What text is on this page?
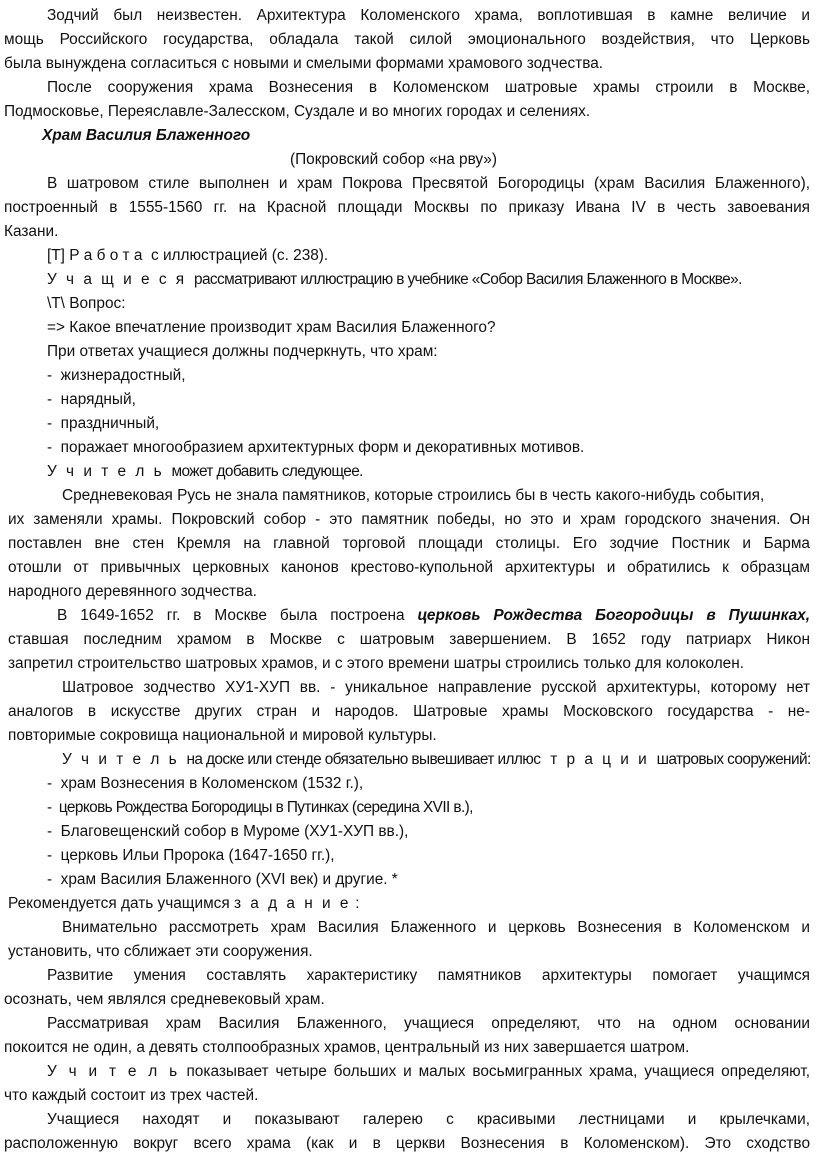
Зодчий был неизвестен. Архитектура Коломенского храма, воплотившая в камне величие и
мощь Российского государства, обладала такой силой эмоционального воздействия, что Церковь
была вынуждена согласиться с новыми и смелыми формами храмового зодчества.
После сооружения храма Вознесения в Коломенском шатровые храмы строили в Москве,
Подмосковье, Переяславле-Залесском, Суздале и во многих городах и селениях.
Храм Василия Блаженного
(Покровский собор «на рву»)
В шатровом стиле выполнен и храм Покрова Пресвятой Богородицы (храм Василия Блаженного),
построенный в 1555-1560 гг. на Красной площади Москвы по приказу Ивана IV в честь завоевания
Казани.
[Т] Р а б о т а  с иллюстрацией (с. 238).
У ч а щ и е с я  рассматривают иллюстрацию в учебнике «Собор Василия Блаженного в Москве».
\Т\ Вопрос:
=> Какое впечатление производит храм Василия Блаженного?
При ответах учащиеся должны подчеркнуть, что храм:
-  жизнерадостный,
-  нарядный,
-  праздничный,
-  поражает многообразием архитектурных форм и декоративных мотивов.
У ч и т е л ь  может добавить следующее.
Средневековая Русь не знала памятников, которые строились бы в честь какого-нибудь события,
их заменяли храмы. Покровский собор - это памятник победы, но это и храм городского значения. Он
поставлен вне стен Кремля на главной торговой площади столицы. Его зодчие Постник и Барма
отошли от привычных церковных канонов крестово-купольной архитектуры и обратились к образцам
народного деревянного зодчества.
В 1649-1652 гг. в Москве была построена церковь Рождества Богородицы в Пушинках,
ставшая последним храмом в Москве с шатровым завершением. В 1652 году патриарх Никон
запретил строительство шатровых храмов, и с этого времени шатры строились только для колоколен.
Шатровое зодчество ХУ1-ХУП вв. - уникальное направление русской архитектуры, которому нет
аналогов в искусстве других стран и народов. Шатровые храмы Московского государства - не-
повторимые сокровища национальной и мировой культуры.
У ч и т е л ь  на доске или стенде обязательно вывешивает иллюс т р а ц и и  шатровых сооружений:
-  храм Вознесения в Коломенском (1532 г.),
-  церковь Рождества Богородицы в Путинках (середина XVII в.),
-  Благовещенский собор в Муроме (ХУ1-ХУП вв.),
-  церковь Ильи Пророка (1647-1650 гг.),
-  храм Василия Блаженного (XVI век) и другие. *
Рекомендуется дать учащимся з а д а н и е :
Внимательно рассмотреть храм Василия Блаженного и церковь Вознесения в Коломенском и
установить, что сближает эти сооружения.
Развитие умения составлять характеристику памятников архитектуры помогает учащимся
осознать, чем являлся средневековый храм.
Рассматривая храм Василия Блаженного, учащиеся определяют, что на одном основании
покоится не один, а девять столпообразных храмов, центральный из них завершается шатром.
У ч и т е л ь показывает четыре больших и малых восьмигранных храма, учащиеся определяют,
что каждый состоит из трех частей.
Учащиеся находят и показывают галерею с красивыми лестницами и крылечками,
расположенную вокруг всего храма (как и в церкви Вознесения в Коломенском). Это сходство
